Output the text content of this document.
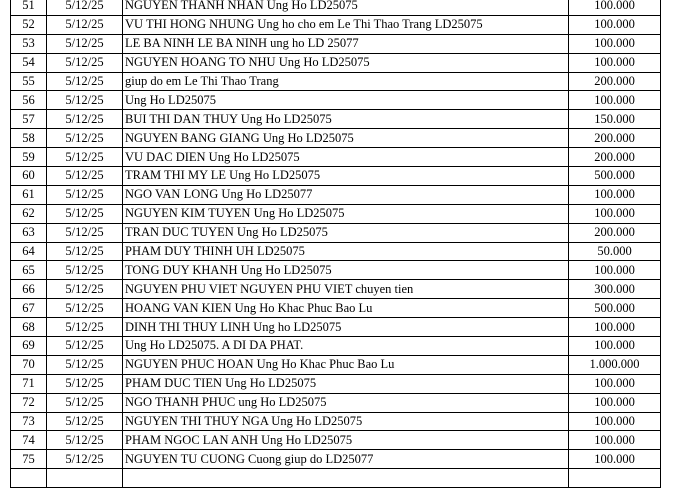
51	5/12/25	NGUYEN THANH NHAN Ung Ho LD25075	100.000
52	5/12/25	VU THI HONG NHUNG Ung ho cho em Le Thi Thao Trang LD25075	100.000
53	5/12/25	LE BA NINH LE BA NINH ung ho LD 25077	100.000
54	5/12/25	NGUYEN HOANG TO NHU Ung Ho LD25075	100.000
55	5/12/25	giup do em Le Thi Thao Trang	200.000
56	5/12/25	Ung Ho LD25075	100.000
57	5/12/25	BUI THI DAN THUY Ung Ho LD25075	150.000
58	5/12/25	NGUYEN BANG GIANG Ung Ho LD25075	200.000
59	5/12/25	VU DAC DIEN Ung Ho LD25075	200.000
60	5/12/25	TRAM THI MY LE Ung Ho LD25075	500.000
61	5/12/25	NGO VAN LONG Ung Ho LD25077	100.000
62	5/12/25	NGUYEN KIM TUYEN Ung Ho LD25075	100.000
63	5/12/25	TRAN DUC TUYEN Ung Ho LD25075	200.000
64	5/12/25	PHAM DUY THINH UH LD25075	50.000
65	5/12/25	TONG DUY KHANH Ung Ho LD25075	100.000
66	5/12/25	NGUYEN PHU VIET NGUYEN PHU VIET chuyen tien	300.000
67	5/12/25	HOANG VAN KIEN Ung Ho Khac Phuc Bao Lu	500.000
68	5/12/25	DINH THI THUY LINH Ung ho LD25075	100.000
69	5/12/25	Ung Ho LD25075. A DI DA PHAT.	100.000
70	5/12/25	NGUYEN PHUC HOAN Ung Ho Khac Phuc Bao Lu	1.000.000
71	5/12/25	PHAM DUC TIEN Ung Ho LD25075	100.000
72	5/12/25	NGO THANH PHUC ung Ho LD25075	100.000
73	5/12/25	NGUYEN THI THUY NGA Ung Ho LD25075	100.000
74	5/12/25	PHAM NGOC LAN ANH Ung Ho LD25075	100.000
75	5/12/25	NGUYEN TU CUONG Cuong giup do LD25077	100.000
